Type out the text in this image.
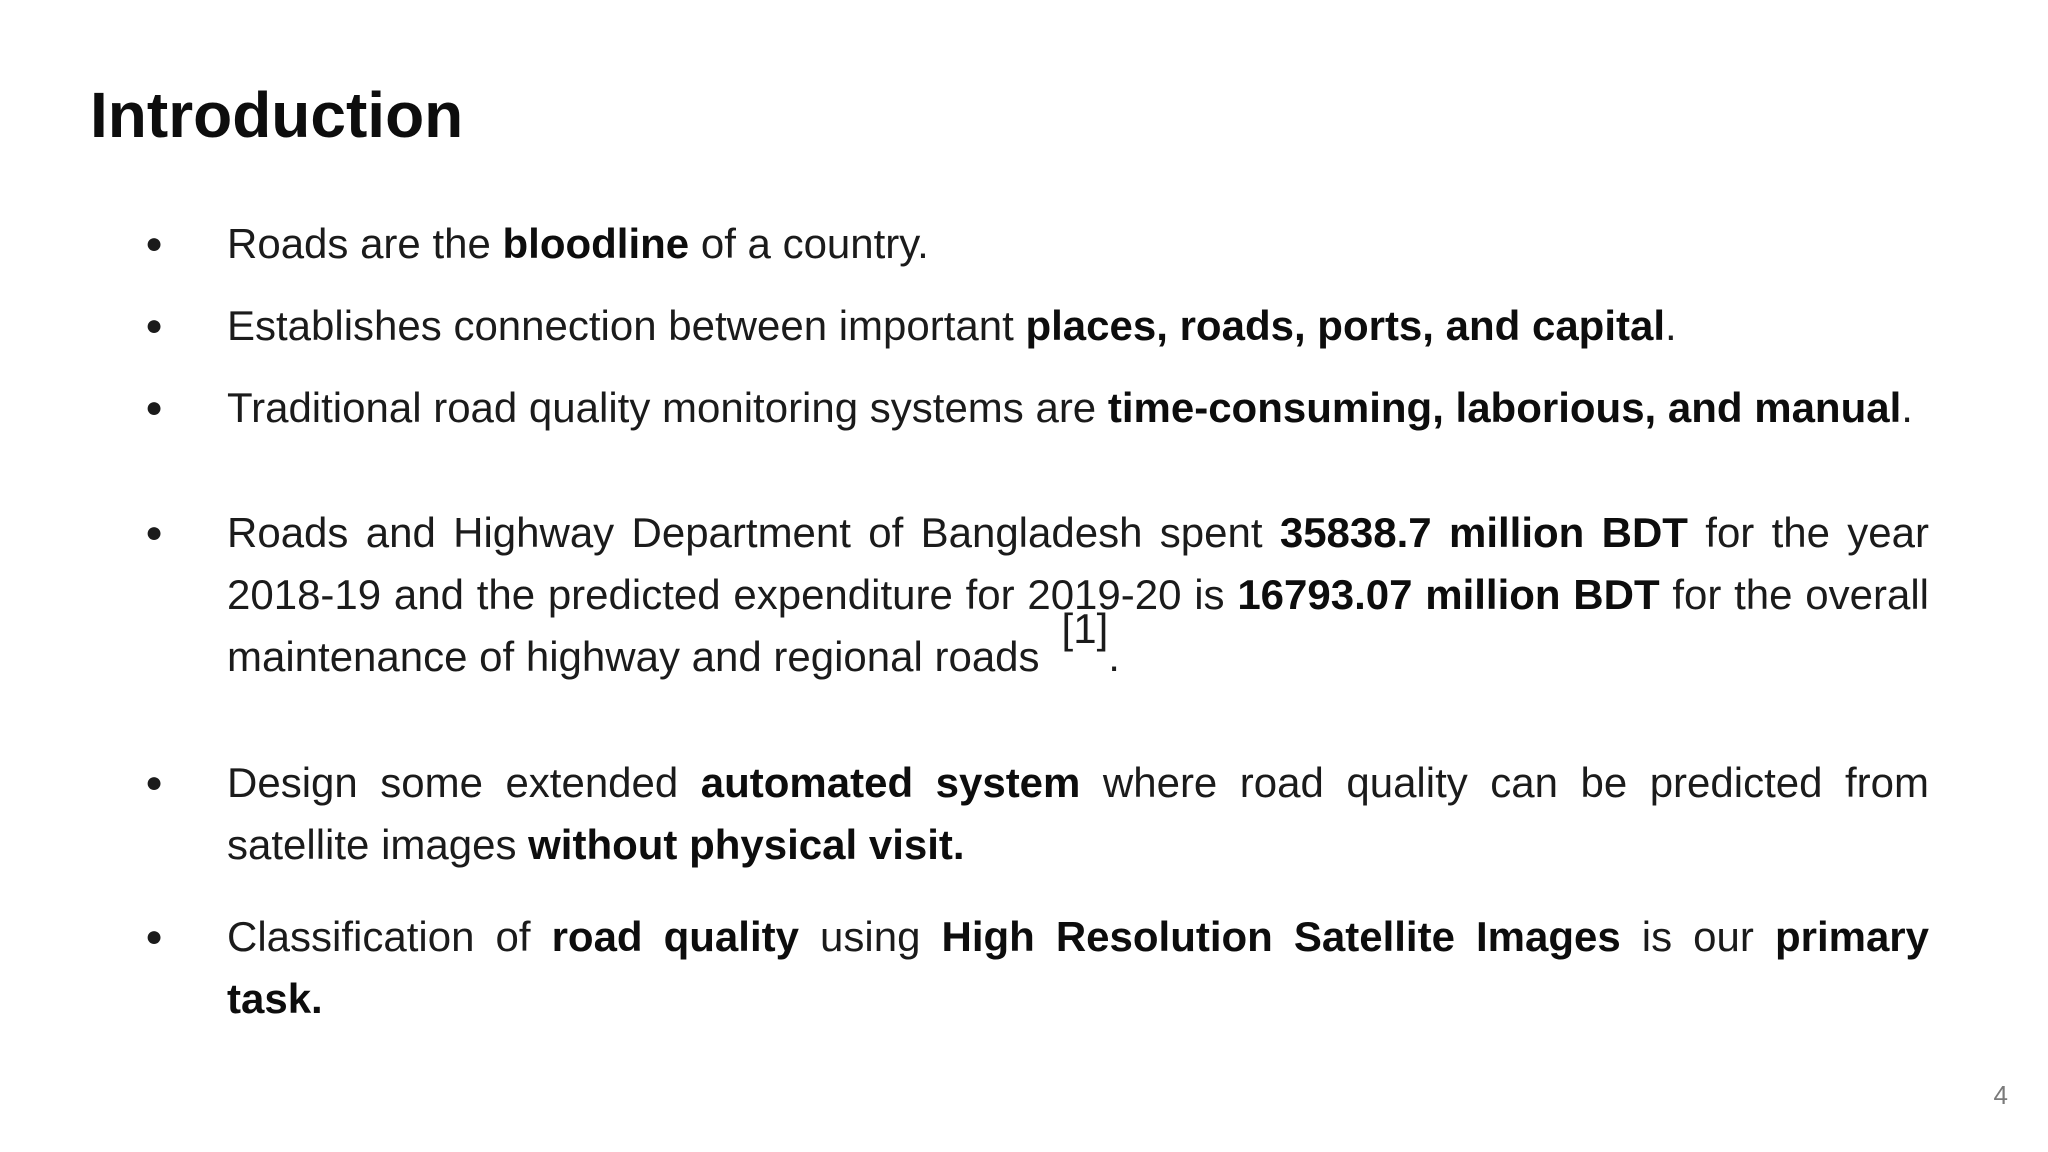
Introduction
● Roads are the bloodline of a country.
● Establishes connection between important places, roads, ports, and capital.
● Traditional road quality monitoring systems are time-consuming, laborious, and manual.
● Roads and Highway Department of Bangladesh spent 35838.7 million BDT for the year 2018-19 and the predicted expenditure for 2019-20 is 16793.07 million BDT for the overall maintenance of highway and regional roads[1].
● Design some extended automated system where road quality can be predicted from satellite images without physical visit.
● Classification of road quality using High Resolution Satellite Images is our primary task.
4
